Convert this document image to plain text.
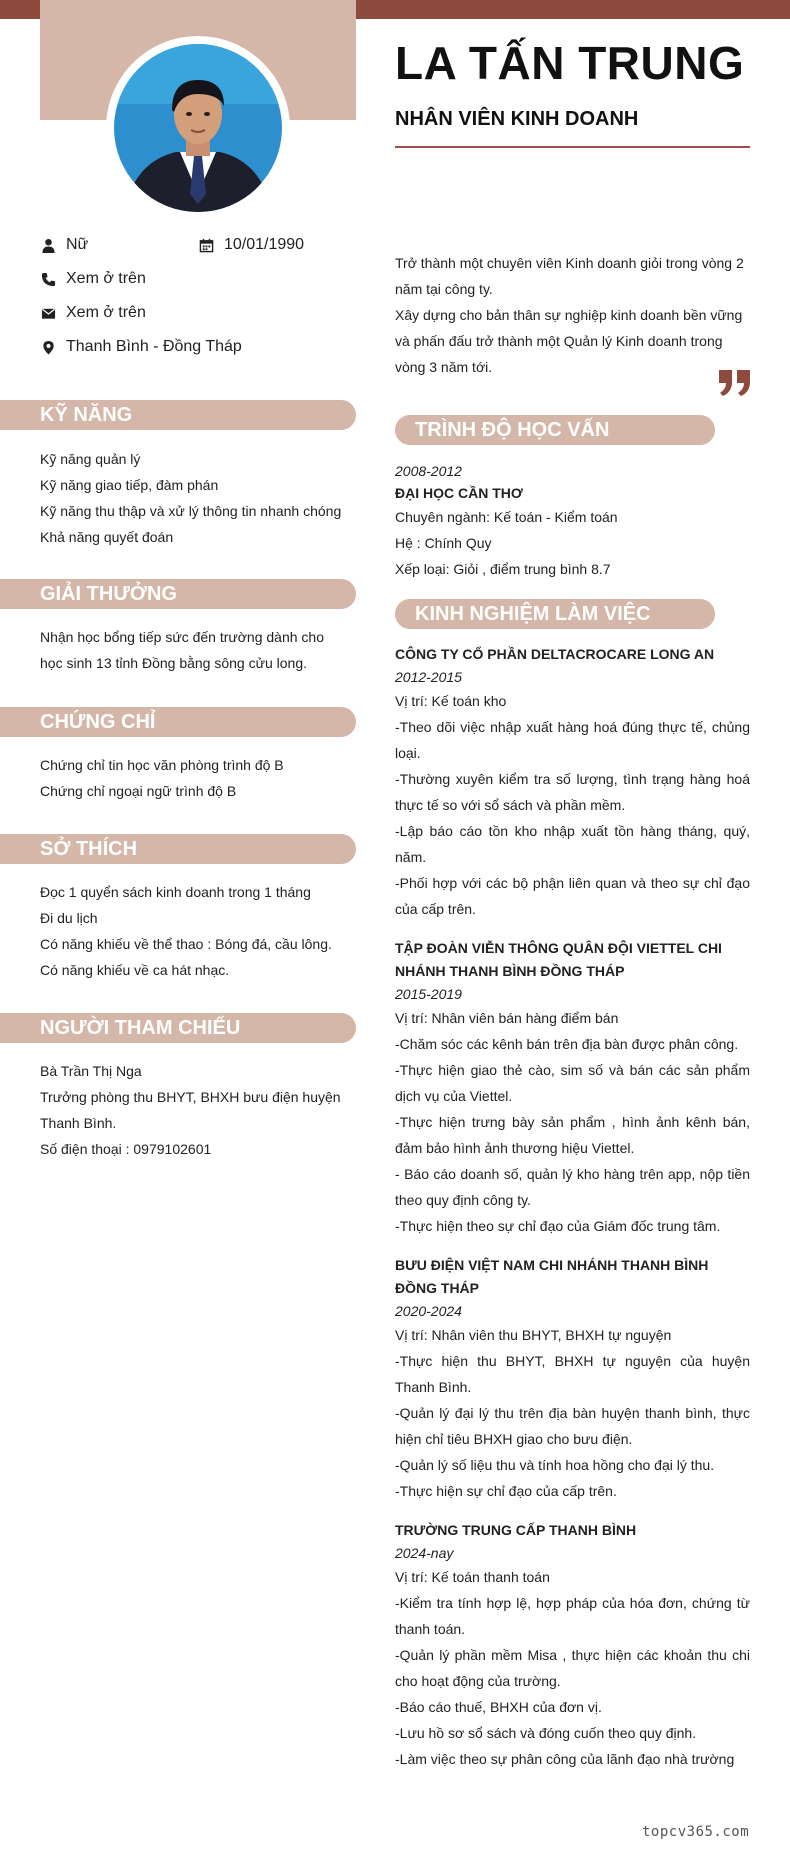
LA TẤN TRUNG
NHÂN VIÊN KINH DOANH
Nữ	10/01/1990
Xem ở trên
Xem ở trên
Thanh Bình - Đồng Tháp
KỸ NĂNG
Kỹ năng quản lý
Kỹ năng giao tiếp, đàm phán
Kỹ năng thu thập và xử lý thông tin nhanh chóng
Khả năng quyết đoán
GIẢI THƯỞNG
Nhận học bổng tiếp sức đến trường dành cho học sinh 13 tỉnh Đồng bằng sông cửu long.
CHỨNG CHỈ
Chứng chỉ tin học văn phòng trình độ B
Chứng chỉ ngoại ngữ trình độ B
SỞ THÍCH
Đọc 1 quyển sách kinh doanh trong 1 tháng
Đi du lịch
Có năng khiếu về thể thao : Bóng đá, cầu lông.
Có năng khiếu về ca hát nhạc.
NGƯỜI THAM CHIẾU
Bà Trần Thị Nga
Trưởng phòng thu BHYT, BHXH bưu điện huyện Thanh Bình.
Số điện thoại : 0979102601
Trở thành một chuyên viên Kinh doanh giỏi trong vòng 2 năm tại công ty.
Xây dựng cho bản thân sự nghiệp kinh doanh bền vững và phấn đấu trở thành một Quản lý Kinh doanh trong vòng 3 năm tới.
TRÌNH ĐỘ HỌC VẤN
2008-2012
ĐẠI HỌC CẦN THƠ
Chuyên ngành: Kế toán - Kiểm toán
Hệ : Chính Quy
Xếp loại: Giỏi , điểm trung bình 8.7
KINH NGHIỆM LÀM VIỆC
CÔNG TY CỔ PHẦN DELTACROCARE LONG AN
2012-2015
Vị trí: Kế toán kho
-Theo dõi việc nhập xuất hàng hoá đúng thực tế, chủng loại.
-Thường xuyên kiểm tra số lượng, tình trạng hàng hoá thực tế so với sổ sách và phần mềm.
-Lập báo cáo tồn kho nhập xuất tồn hàng tháng, quý, năm.
-Phối hợp với các bộ phận liên quan và theo sự chỉ đạo của cấp trên.
TẬP ĐOÀN VIỄN THÔNG QUÂN ĐỘI VIETTEL CHI NHÁNH THANH BÌNH ĐỒNG THÁP
2015-2019
Vị trí: Nhân viên bán hàng điểm bán
-Chăm sóc các kênh bán trên địa bàn được phân công.
-Thực hiện giao thẻ cào, sim số và bán các sản phẩm dịch vụ của Viettel.
-Thực hiện trưng bày sản phẩm , hình ảnh kênh bán, đảm bảo hình ảnh thương hiệu Viettel.
- Báo cáo doanh số, quản lý kho hàng trên app, nộp tiền theo quy định công ty.
-Thực hiện theo sự chỉ đạo của Giám đốc trung tâm.
BƯU ĐIỆN VIỆT NAM CHI NHÁNH THANH BÌNH ĐỒNG THÁP
2020-2024
Vị trí: Nhân viên thu BHYT, BHXH tự nguyện
-Thực hiện thu BHYT, BHXH tự nguyện của huyện Thanh Bình.
-Quản lý đại lý thu trên địa bàn huyện thanh bình, thực hiện chỉ tiêu BHXH giao cho bưu điện.
-Quản lý số liệu thu và tính hoa hồng cho đại lý thu.
-Thực hiện sự chỉ đạo của cấp trên.
TRƯỜNG TRUNG CẤP THANH BÌNH
2024-nay
Vị trí: Kế toán thanh toán
-Kiểm tra tính hợp lệ, hợp pháp của hóa đơn, chứng từ thanh toán.
-Quản lý phần mềm Misa , thực hiện các khoản thu chi cho hoạt động của trường.
-Báo cáo thuế, BHXH của đơn vị.
-Lưu hồ sơ sổ sách và đóng cuốn theo quy định.
-Làm việc theo sự phân công của lãnh đạo nhà trường
topcv365.com
